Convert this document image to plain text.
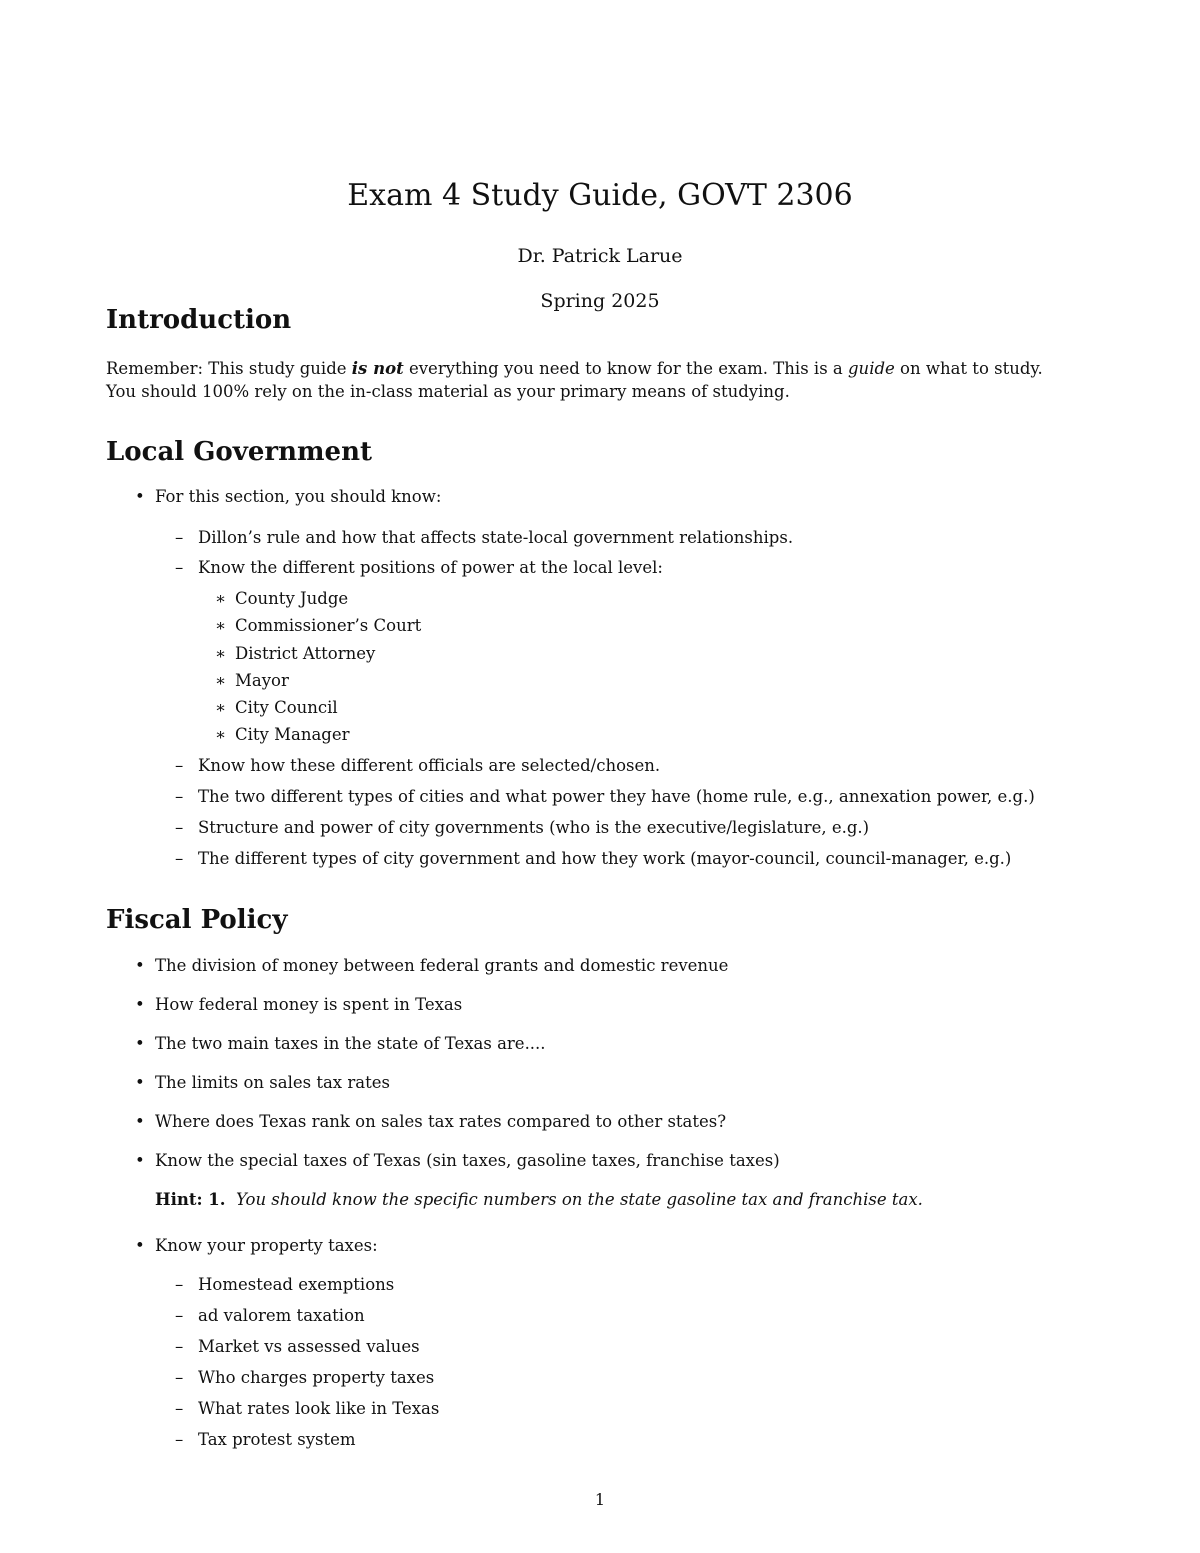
Exam 4 Study Guide, GOVT 2306
Dr. Patrick Larue
Spring 2025
Introduction
Remember: This study guide is not everything you need to know for the exam. This is a guide on what to study.
You should 100% rely on the in-class material as your primary means of studying.
Local Government
• For this section, you should know:
– Dillon’s rule and how that affects state-local government relationships.
– Know the different positions of power at the local level:
∗ County Judge
∗ Commissioner’s Court
∗ District Attorney
∗ Mayor
∗ City Council
∗ City Manager
– Know how these different officials are selected/chosen.
– The two different types of cities and what power they have (home rule, e.g., annexation power, e.g.)
– Structure and power of city governments (who is the executive/legislature, e.g.)
– The different types of city government and how they work (mayor-council, council-manager, e.g.)
Fiscal Policy
• The division of money between federal grants and domestic revenue
• How federal money is spent in Texas
• The two main taxes in the state of Texas are....
• The limits on sales tax rates
• Where does Texas rank on sales tax rates compared to other states?
• Know the special taxes of Texas (sin taxes, gasoline taxes, franchise taxes)
Hint: 1. You should know the specific numbers on the state gasoline tax and franchise tax.
• Know your property taxes:
– Homestead exemptions
– ad valorem taxation
– Market vs assessed values
– Who charges property taxes
– What rates look like in Texas
– Tax protest system
1
